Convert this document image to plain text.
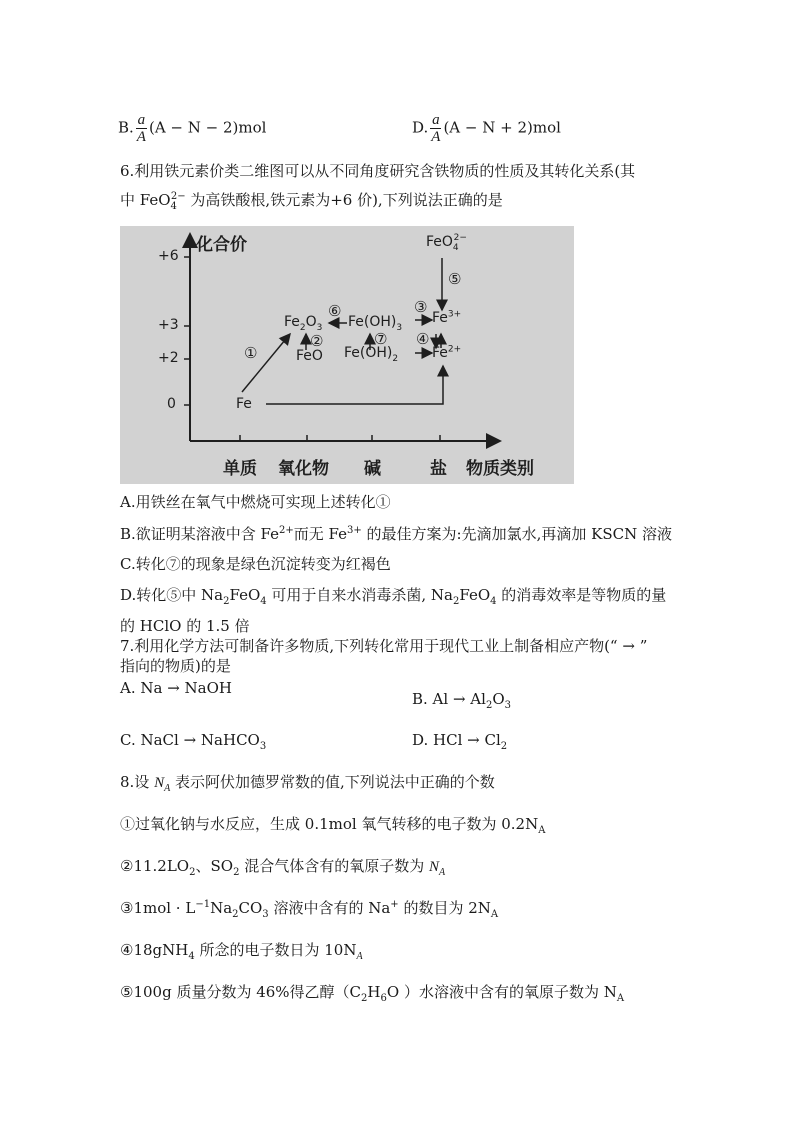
B. $\frac{a}{A} (A - N - 2)mol$	D. $\frac{a}{A} (A - N + 2)mol$
6.利用铁元素价类二维图可以从不同角度研究含铁物质的性质及其转化关系(其
中 FeO$_4^{2-}$ 为高铁酸根,铁元素为+6 价),下列说法正确的是
化合价
+6
+3
+2
0
单质 氧化物 碱	盐 物质类别
Fe
FeO
$Fe_2O_3$ $Fe(OH)_3$
$Fe(OH)_2$
$Fe^{3+}$
$Fe^{2+}$
FeO$_4^{2-}$
①
②
③
④
⑤
⑥
⑦
A.用铁丝在氧气中燃烧可实现上述转化①
B.欲证明某溶液中含 $Fe^{2+}$而无 $Fe^{3+}$ 的最佳方案为:先滴加氯水,再滴加 KSCN 溶液
C.转化⑦的现象是绿色沉淀转变为红褐色
D.转化⑤中 $Na_2FeO_4$ 可用于自来水消毒杀菌, $Na_2FeO_4$ 的消毒效率是等物质的量
的 HClO 的 1.5 倍
7.利用化学方法可制备许多物质,下列转化常用于现代工业上制备相应产物(“ → ”
指向的物质)的是
A. Na → NaOH
B. $Al \to Al_2O_3$
C. NaCl → NaHCO$_3$	D. HCl → $Cl_2$
8.设 $N_A$ 表示阿伏加德罗常数的值,下列说法中正确的个数
①过氧化钠与水反应，生成 0.1mol 氧气转移的电子数为 $0.2N_A$
$②11.2LO_2$、$SO_2$ 混合气体含有的氧原子数为 $N_A$
③1mol · $L^{-1}Na_2CO_3$ 溶液中含有的 Na+ 的数目为 $2N_A$
④18gNH$_4$ 所念的电子数日为 $10N_A$
⑤100g 质量分数为 46%得乙醇（$C_2H_6O$ ）水溶液中含有的氧原子数为 $N_A$
